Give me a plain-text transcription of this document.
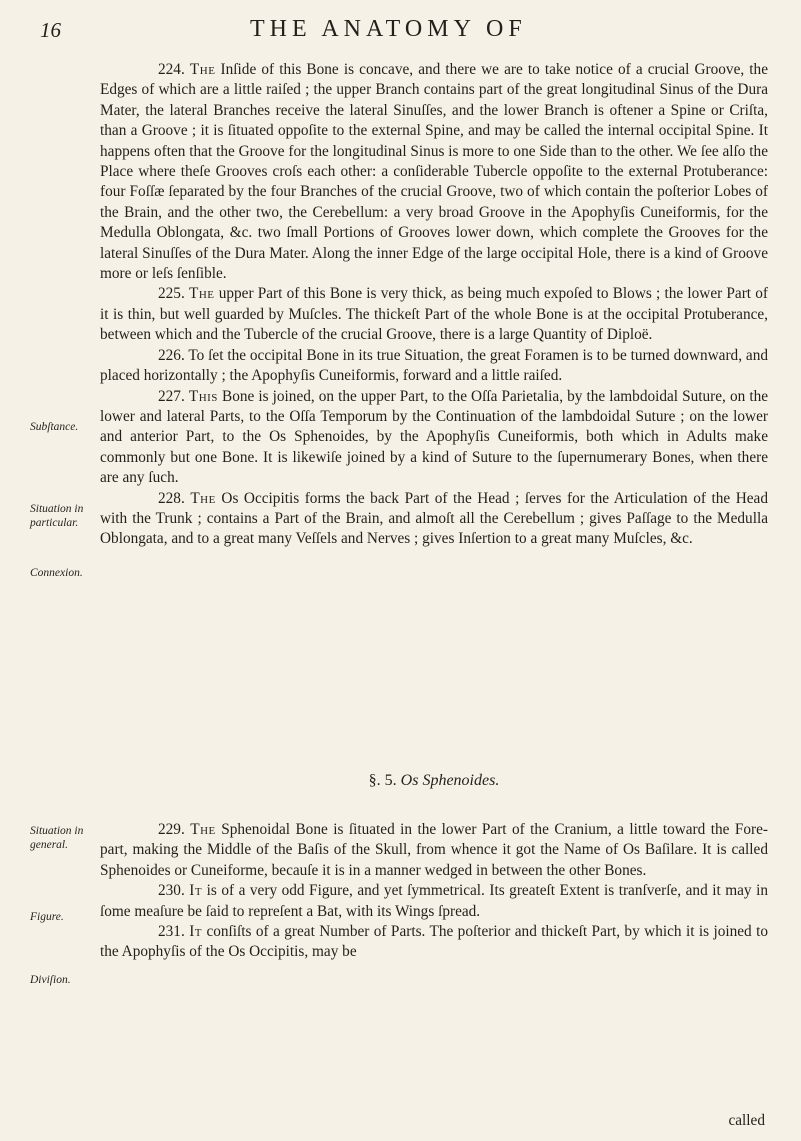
16	THE ANATOMY OF
Subſtance.
Situation in
particular.
Connexion.
Situation in
general.
Figure.
Diviſion.

224. The Inſide of this Bone is concave, and there we are to take notice of a crucial Groove, the Edges of which are a little raiſed ; the upper Branch contains part of the great longitudinal Sinus of the Dura Mater, the lateral Branches receive the lateral Sinuſſes, and the lower Branch is oftener a Spine or Criſta, than a Groove ; it is ſituated oppoſite to the external Spine, and may be called the internal occipital Spine. It happens often that the Groove for the longitudinal Sinus is more to one Side than to the other. We ſee alſo the Place where theſe Grooves croſs each other: a conſiderable Tubercle oppoſite to the external Protuberance: four Foſſæ ſeparated by the four Branches of the crucial Groove, two of which contain the poſterior Lobes of the Brain, and the other two, the Cerebellum: a very broad Groove in the Apophyſis Cuneiformis, for the Medulla Oblongata, &c. two ſmall Portions of Grooves lower down, which complete the Grooves for the lateral Sinuſſes of the Dura Mater. Along the inner Edge of the large occipital Hole, there is a kind of Groove more or leſs ſenſible.

225. The upper Part of this Bone is very thick, as being much expoſed to Blows ; the lower Part of it is thin, but well guarded by Muſcles. The thickeſt Part of the whole Bone is at the occipital Protuberance, between which and the Tubercle of the crucial Groove, there is a large Quantity of Diploë.

226. To ſet the occipital Bone in its true Situation, the great Foramen is to be turned downward, and placed horizontally ; the Apophyſis Cuneiformis, forward and a little raiſed.

227. This Bone is joined, on the upper Part, to the Oſſa Parietalia, by the lambdoidal Suture, on the lower and lateral Parts, to the Oſſa Temporum by the Continuation of the lambdoidal Suture ; on the lower and anterior Part, to the Os Sphenoides, by the Apophyſis Cuneiformis, both which in Adults make commonly but one Bone. It is likewiſe joined by a kind of Suture to the ſupernumerary Bones, when there are any ſuch.

228. The Os Occipitis forms the back Part of the Head ; ſerves for the Articulation of the Head with the Trunk ; contains a Part of the Brain, and almoſt all the Cerebellum ; gives Paſſage to the Medulla Oblongata, and to a great many Veſſels and Nerves ; gives Inſertion to a great many Muſcles, &c.

§. 5. Os Sphenoides.

229. The Sphenoidal Bone is ſituated in the lower Part of the Cranium, a little toward the Fore-part, making the Middle of the Baſis of the Skull, from whence it got the Name of Os Baſilare. It is called Sphenoides or Cuneiforme, becauſe it is in a manner wedged in between the other Bones.

230. It is of a very odd Figure, and yet ſymmetrical. Its greateſt Extent is tranſverſe, and it may in ſome meaſure be ſaid to repreſent a Bat, with its Wings ſpread.

231. It conſiſts of a great Number of Parts. The poſterior and thickeſt Part, by which it is joined to the Apophyſis of the Os Occipitis, may be

called
